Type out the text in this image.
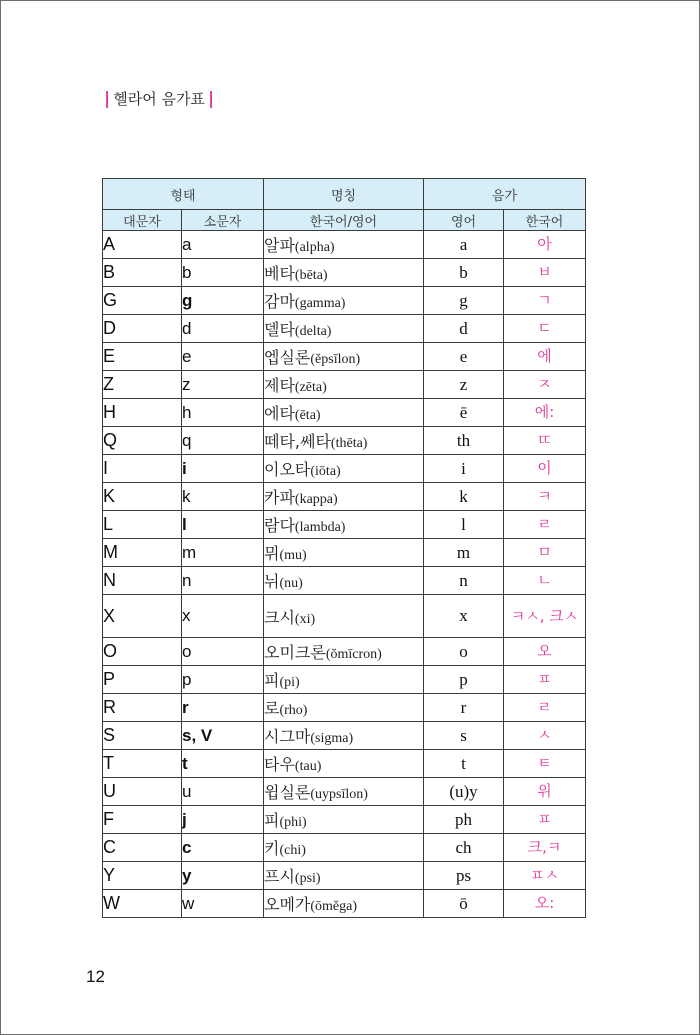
| 헬라어 음가표 |
형태		명칭	음가	
대문자	소문자	한국어/영어	영어	한국어
A	a	알파(alpha)	a	아
B	b	베타(bēta)	b	ㅂ
G	g	감마(gamma)	g	ㄱ
D	d	델타(delta)	d	ㄷ
E	e	엡실론(ĕpsīlon)	e	에
Z	z	제타(zēta)	z	ㅈ
H	h	에타(ēta)	ē	에:
Q	q	떼타,쎄타(thēta)	th	ㄸ
I	i	이오타(iōta)	i	이
K	k	카파(kappa)	k	ㅋ
L	l	람다(lambda)	l	ㄹ
M	m	뮈(mu)	m	ㅁ
N	n	뉘(nu)	n	ㄴ
X	x	크시(xi)	x	ㅋㅅ, 크ㅅ
O	o	오미크론(ŏmīcron)	o	오
P	p	피(pi)	p	ㅍ
R	r	로(rho)	r	ㄹ
S	s, V	시그마(sigma)	s	ㅅ
T	t	타우(tau)	t	ㅌ
U	u	윕실론(uypsīlon)	(u)y	위
F	j	피(phi)	ph	ㅍ
C	c	키(chi)	ch	크,ㅋ
Y	y	프시(psi)	ps	ㅍㅅ
W	w	오메가(ōmĕga)	ō	오:
12
